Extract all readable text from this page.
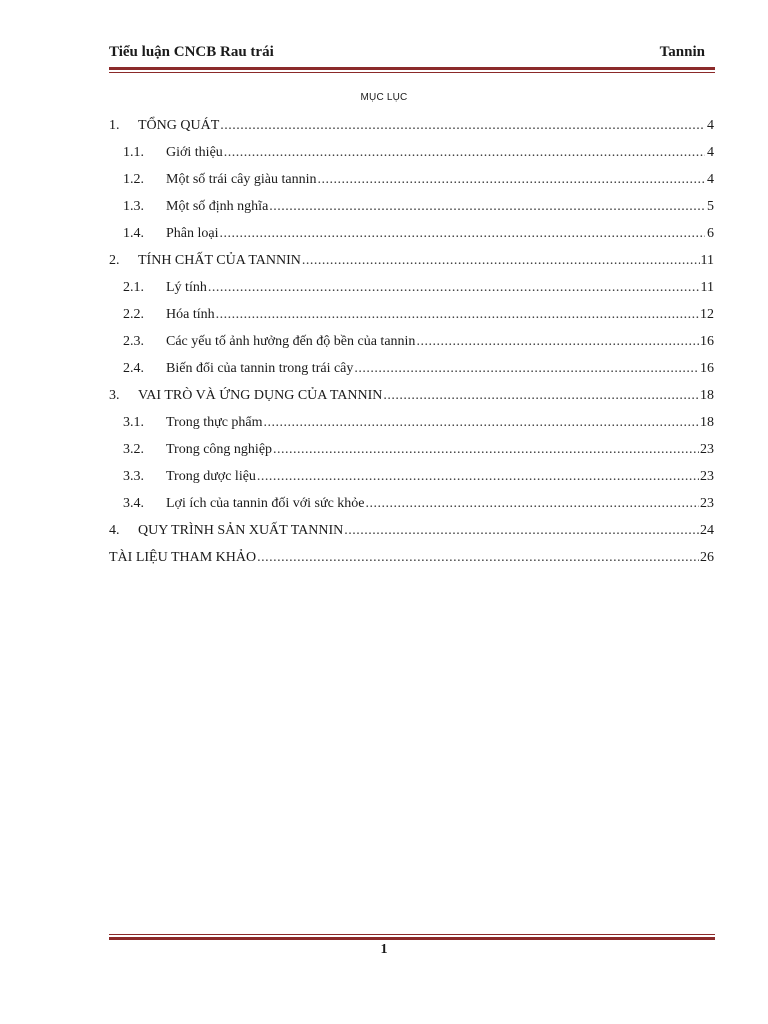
Tiểu luận CNCB Rau trái	Tannin
MỤC LỤC
1.	TỔNG QUÁT .....	4
1.1.	Giới thiệu .....	4
1.2.	Một số trái cây giàu tannin .....	4
1.3.	Một số định nghĩa .....	5
1.4.	Phân loại .....	6
2.	TÍNH CHẤT CỦA TANNIN .....	11
2.1.	Lý tính .....	11
2.2.	Hóa tính .....	12
2.3.	Các yếu tố ảnh hưởng đến độ bền của tannin .....	16
2.4.	Biến đổi của tannin trong trái cây .....	16
3.	VAI TRÒ VÀ ỨNG DỤNG CỦA TANNIN .....	18
3.1.	Trong thực phẩm .....	18
3.2.	Trong công nghiệp .....	23
3.3.	Trong dược liệu .....	23
3.4.	Lợi ích của tannin đối với sức khỏe .....	23
4.	QUY TRÌNH SẢN XUẤT TANNIN .....	24
TÀI LIỆU THAM KHẢO .....	26
1
